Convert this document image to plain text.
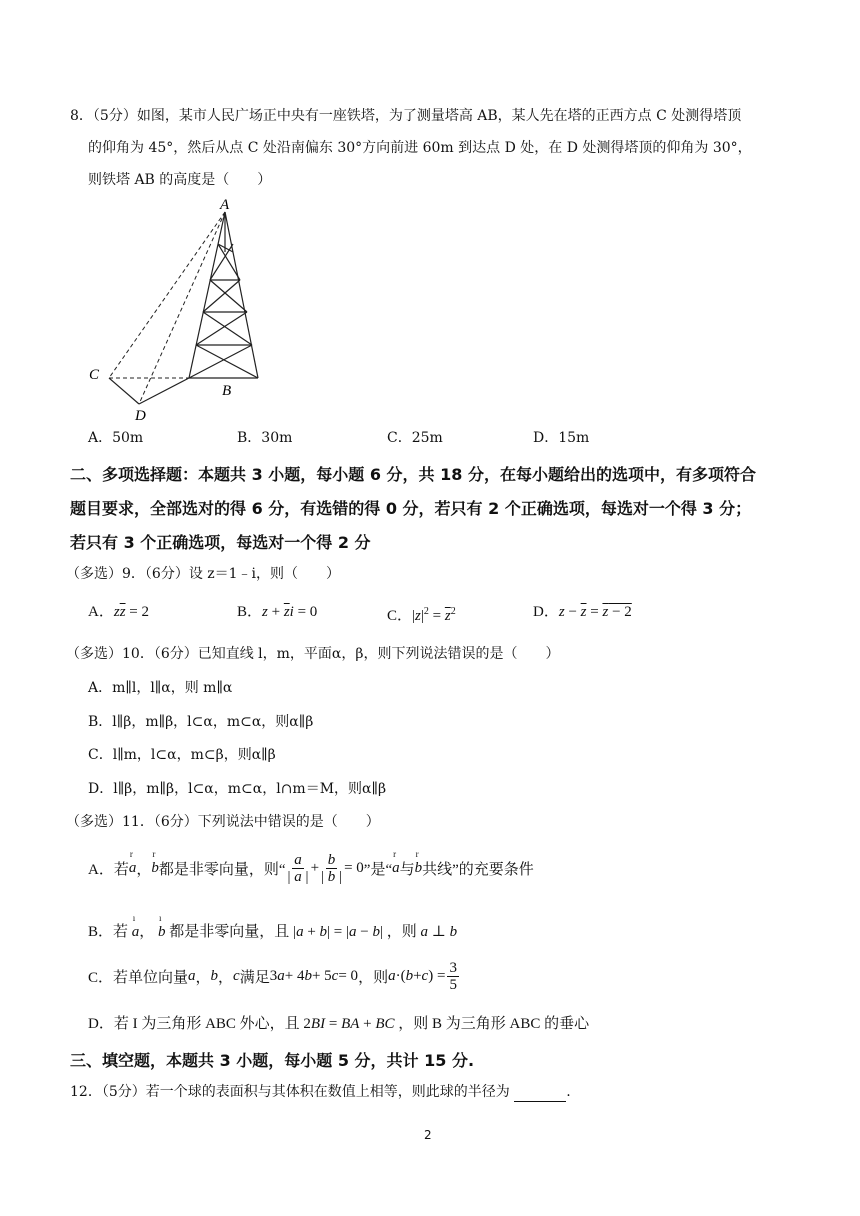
8．（5分）如图，某市人民广场正中央有一座铁塔，为了测量塔高 AB，某人先在塔的正西方点 C 处测得塔顶
的仰角为 45°，然后从点 C 处沿南偏东 30°方向前进 60m 到达点 D 处，在 D 处测得塔顶的仰角为 30°，
则铁塔 AB 的高度是（　　）
A
B
C
D
A．50m	B．30m	C．25m	D．15m
二、多项选择题：本题共 3 小题，每小题 6 分，共 18 分，在每小题给出的选项中，有多项符合
题目要求，全部选对的得 6 分，有选错的得 0 分，若只有 2 个正确选项，每选对一个得 3 分；
若只有 3 个正确选项，每选对一个得 2 分
（多选）9．（6分）设 z＝1﹣i，则（　　）
A．$z\overline{z} = 2$	B．$z + \overline{z}i = 0$	C．$|z|^2 = \overline{z}^2$	D．$z - \overline{z} = z - 2$
（多选）10．（6分）已知直线 l，m，平面α，β，则下列说法错误的是（　　）
A．m∥l，l∥α，则 m∥α
B．l∥β，m∥β，l⊂α，m⊂α，则α∥β
C．l∥m，l⊂α，m⊂β，则α∥β
D．l∥β，m∥β，l⊂α，m⊂α，l∩m＝M，则α∥β
（多选）11．（6分）下列说法中错误的是（　　）
A．若
r
a ，
r
b 都是非零向量，则“ $\frac{a}{| a |} + \frac{b}{| b |} = 0$ ”是“
r
a 与
r
b 共线”的充要条件
B．若
ı
a，
ı
b 都是非零向量，且 |a + b| = |a − b| ，则 a ⊥ b
C．若单位向量 a ， b ， c 满足 3 a + 4 b + 5 c = 0 ，则 a ·( b + c ) = $\frac{3}{5}$
D．若 I 为三角形 ABC 外心，且 2BI = BA + BC ，则 B 为三角形 ABC 的垂心
三、填空题，本题共 3 小题，每小题 5 分，共计 15 分.
12．（5分）若一个球的表面积与其体积在数值上相等，则此球的半径为	.
2
